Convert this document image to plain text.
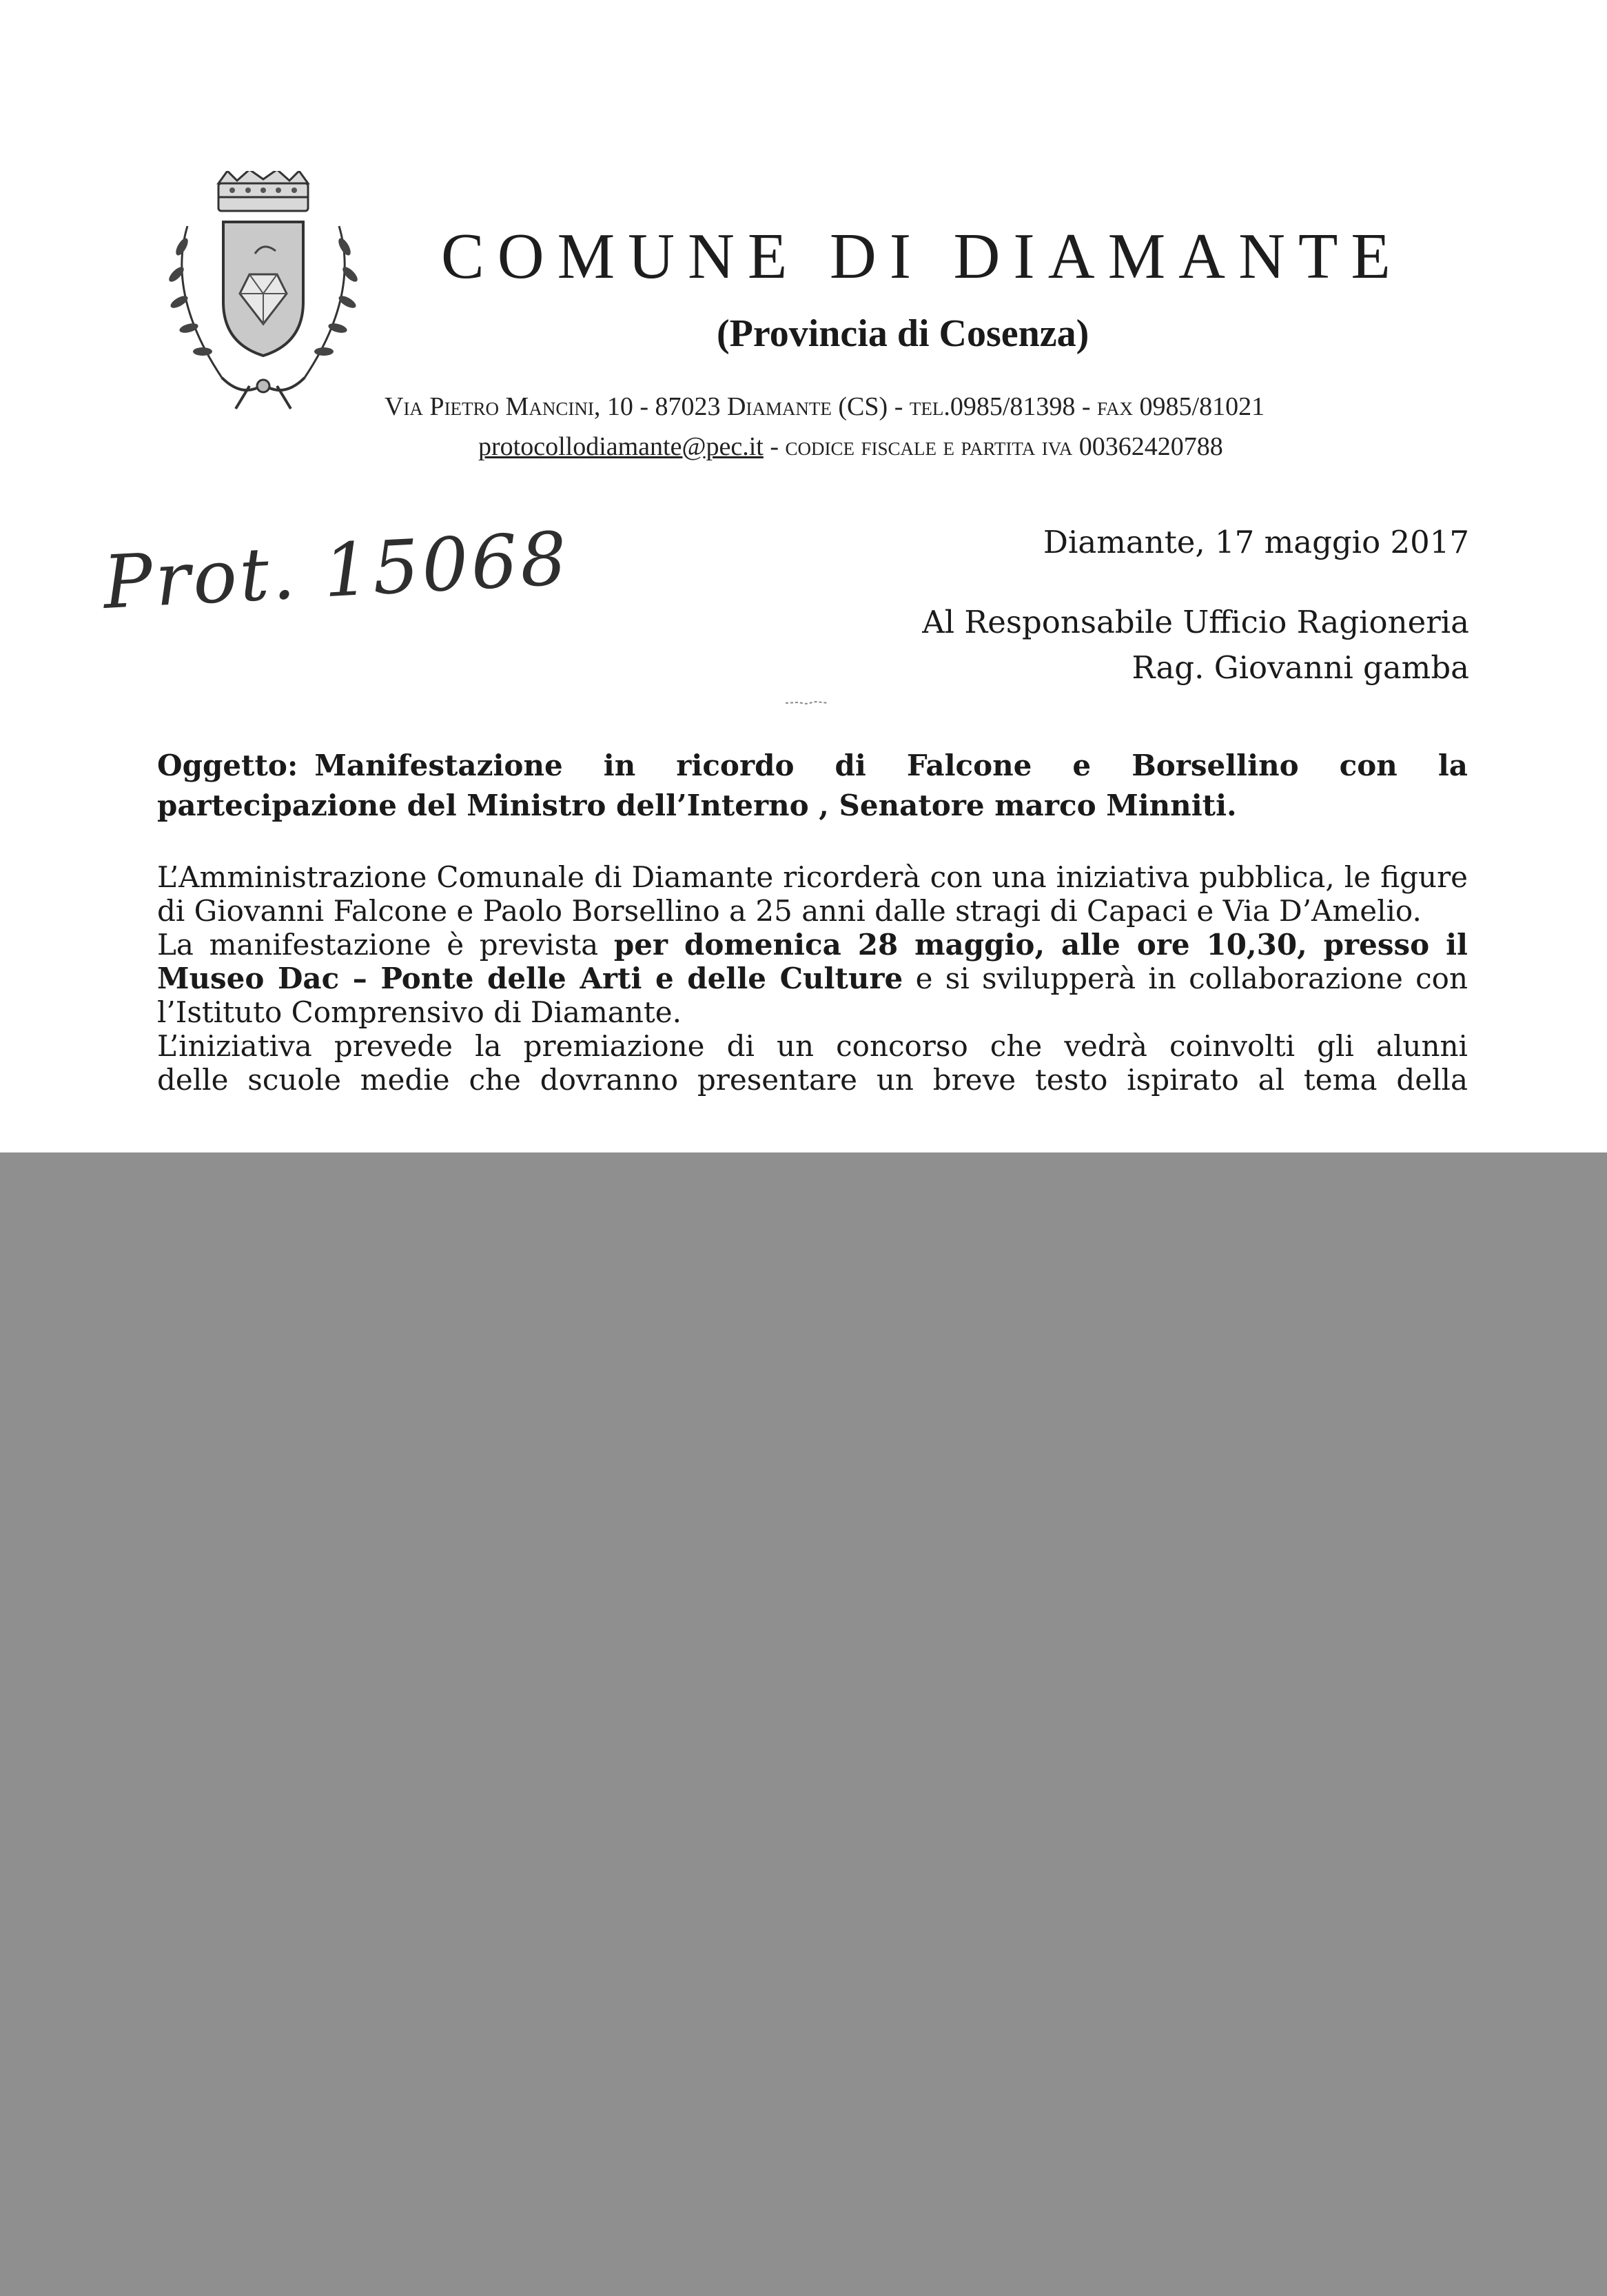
COMUNE DI DIAMANTE
(Provincia di Cosenza)
Via Pietro Mancini, 10 - 87023 Diamante (CS) - tel.0985/81398 - fax 0985/81021
protocollodiamante@pec.it - codice fiscale e partita iva 00362420788
Prot. 15068	Diamante, 17 maggio 2017
Al Responsabile Ufficio Ragioneria
Rag. Giovanni gamba
Oggetto: Manifestazione in ricordo di Falcone e Borsellino con la partecipazione del Ministro dell’Interno , Senatore marco Minniti.

L’Amministrazione Comunale di Diamante ricorderà con una iniziativa pubblica, le figure di Giovanni Falcone e Paolo Borsellino a 25 anni dalle stragi di Capaci e Via D’Amelio.

La manifestazione è prevista per domenica 28 maggio, alle ore 10,30, presso il Museo Dac – Ponte delle Arti e delle Culture e si svilupperà in collaborazione con l’Istituto Comprensivo di Diamante.

L’iniziativa prevede la premiazione di un concorso che vedrà coinvolti gli alunni

delle scuole medie che dovranno presentare un breve testo ispirato al tema della
